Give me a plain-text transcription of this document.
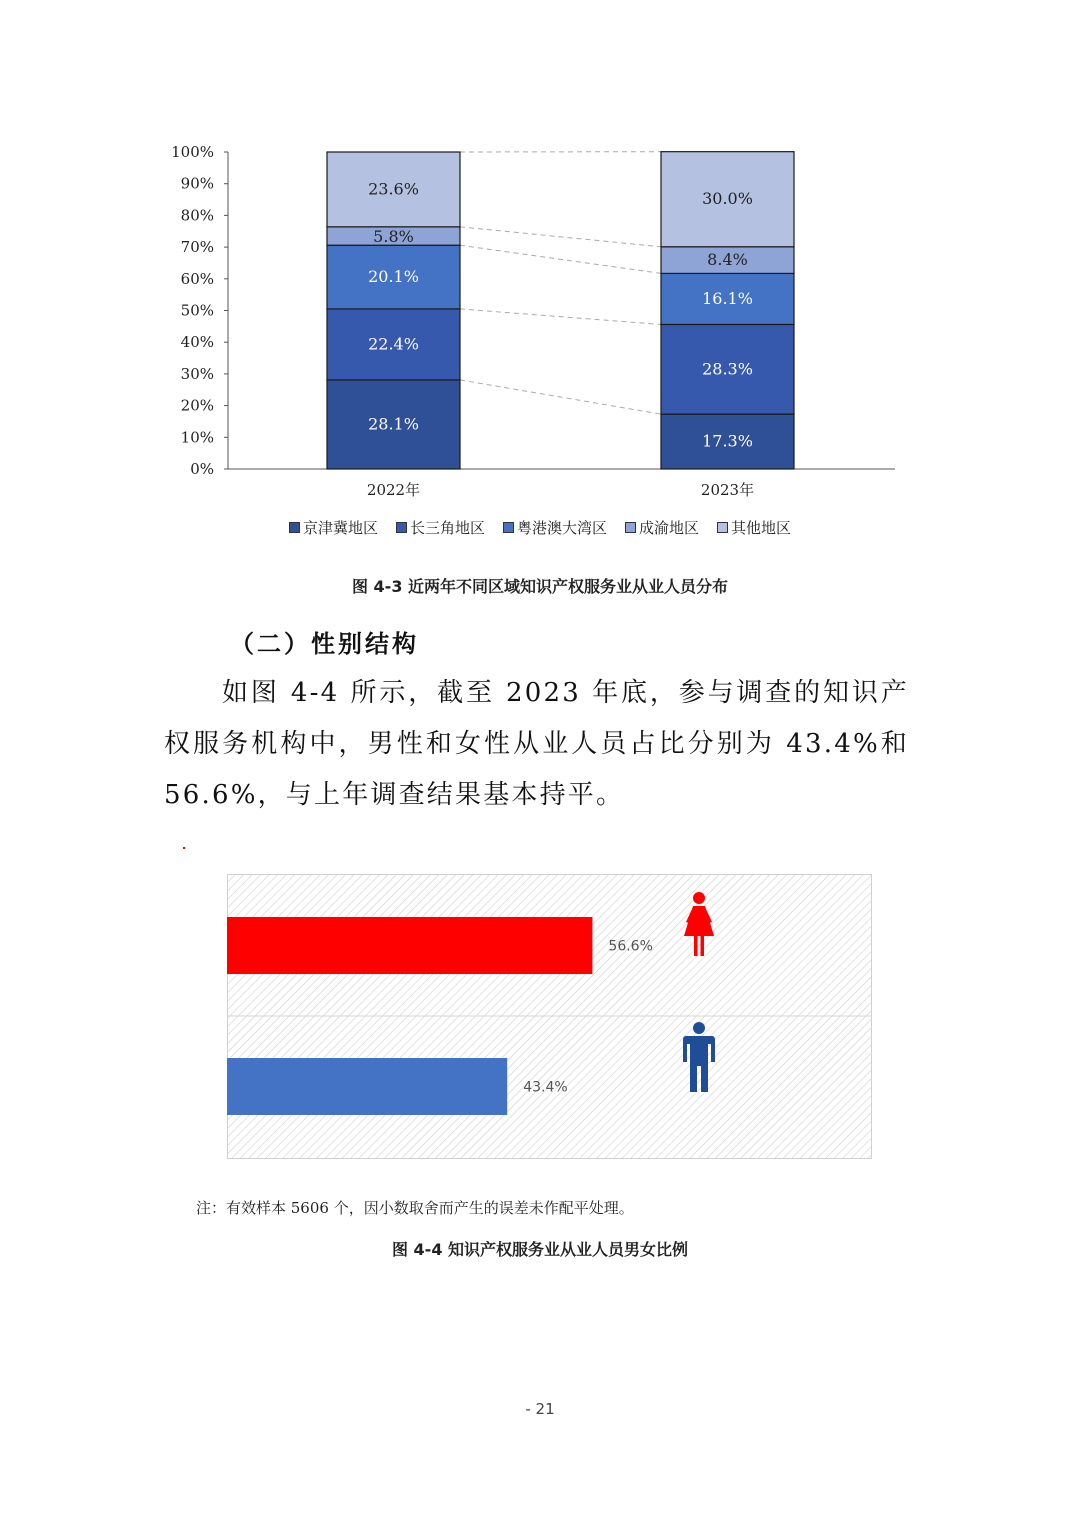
0%
10%
20%
30%
40%
50%
60%
70%
80%
90%
100%
28.1%
22.4%
20.1%
5.8%
23.6%
17.3%
28.3%
16.1%
8.4%
30.0%
2022年	2023年
京津冀地区 长三角地区 粤港澳大湾区 成渝地区 其他地区
图 4-3 近两年不同区域知识产权服务业从业人员分布
（二）性别结构
如图 4-4 所示，截至 2023 年底，参与调查的知识产权服务机构中，男性和女性从业人员占比分别为 43.4%和 56.6%，与上年调查结果基本持平。
56.6%
43.4%
注：有效样本 5606 个，因小数取舍而产生的误差未作配平处理。
图 4-4 知识产权服务业从业人员男女比例
- 21
